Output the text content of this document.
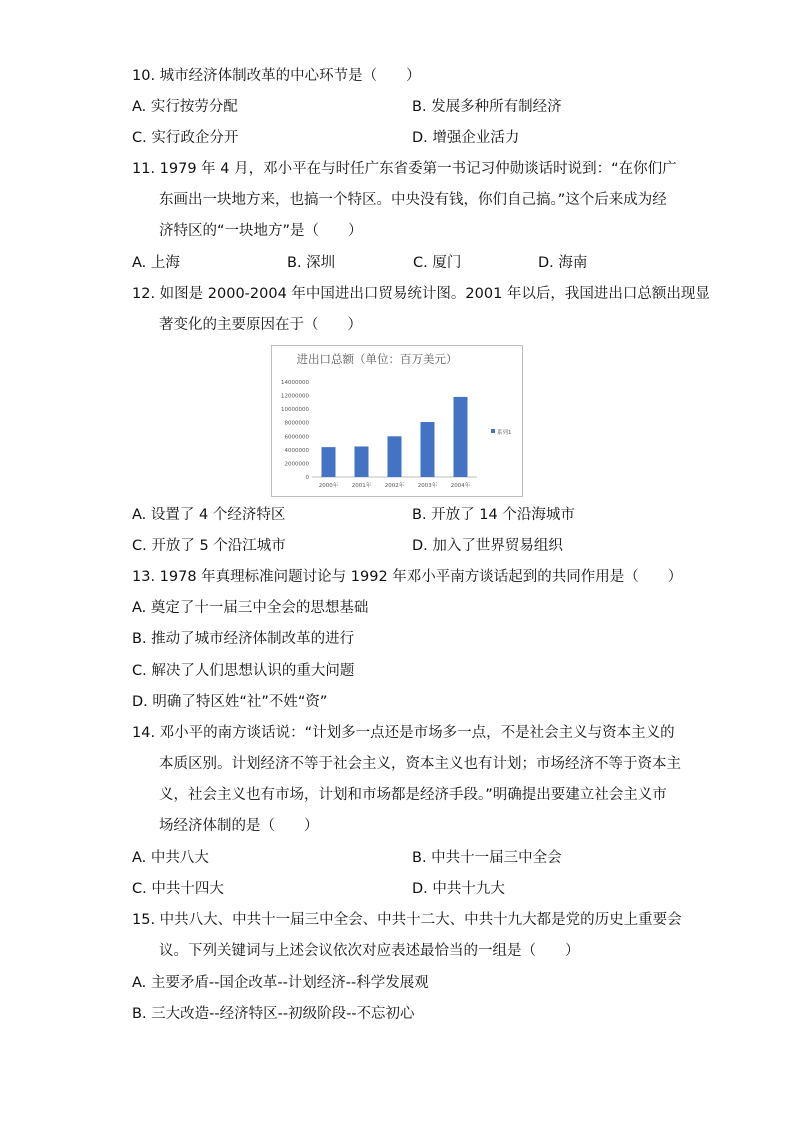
10. 城市经济体制改革的中心环节是（　　）
A. 实行按劳分配	B. 发展多种所有制经济
C. 实行政企分开	D. 增强企业活力
11. 1979 年 4 月，邓小平在与时任广东省委第一书记习仲勋谈话时说到：“在你们广
东画出一块地方来，也搞一个特区。中央没有钱，你们自己搞。”这个后来成为经
济特区的“一块地方”是（　　）
A. 上海	B. 深圳	C. 厦门	D. 海南
12. 如图是 2000-2004 年中国进出口贸易统计图。2001 年以后，我国进出口总额出现显
著变化的主要原因在于（　　）
进出口总额（单位：百万美元）
0
2000000
4000000
6000000
8000000
10000000
12000000
14000000
2000年 2001年 2002年 2003年 2004年
系列1
A. 设置了 4 个经济特区	B. 开放了 14 个沿海城市
C. 开放了 5 个沿江城市	D. 加入了世界贸易组织
13. 1978 年真理标准问题讨论与 1992 年邓小平南方谈话起到的共同作用是（　　）
A. 奠定了十一届三中全会的思想基础
B. 推动了城市经济体制改革的进行
C. 解决了人们思想认识的重大问题
D. 明确了特区姓“社”不姓“资”
14. 邓小平的南方谈话说：“计划多一点还是市场多一点，不是社会主义与资本主义的
本质区别。计划经济不等于社会主义，资本主义也有计划；市场经济不等于资本主
义，社会主义也有市场，计划和市场都是经济手段。”明确提出要建立社会主义市
场经济体制的是（　　）
A. 中共八大	B. 中共十一届三中全会
C. 中共十四大	D. 中共十九大
15. 中共八大、中共十一届三中全会、中共十二大、中共十九大都是党的历史上重要会
议。下列关键词与上述会议依次对应表述最恰当的一组是（　　）
A. 主要矛盾--国企改革--计划经济--科学发展观
B. 三大改造--经济特区--初级阶段--不忘初心
